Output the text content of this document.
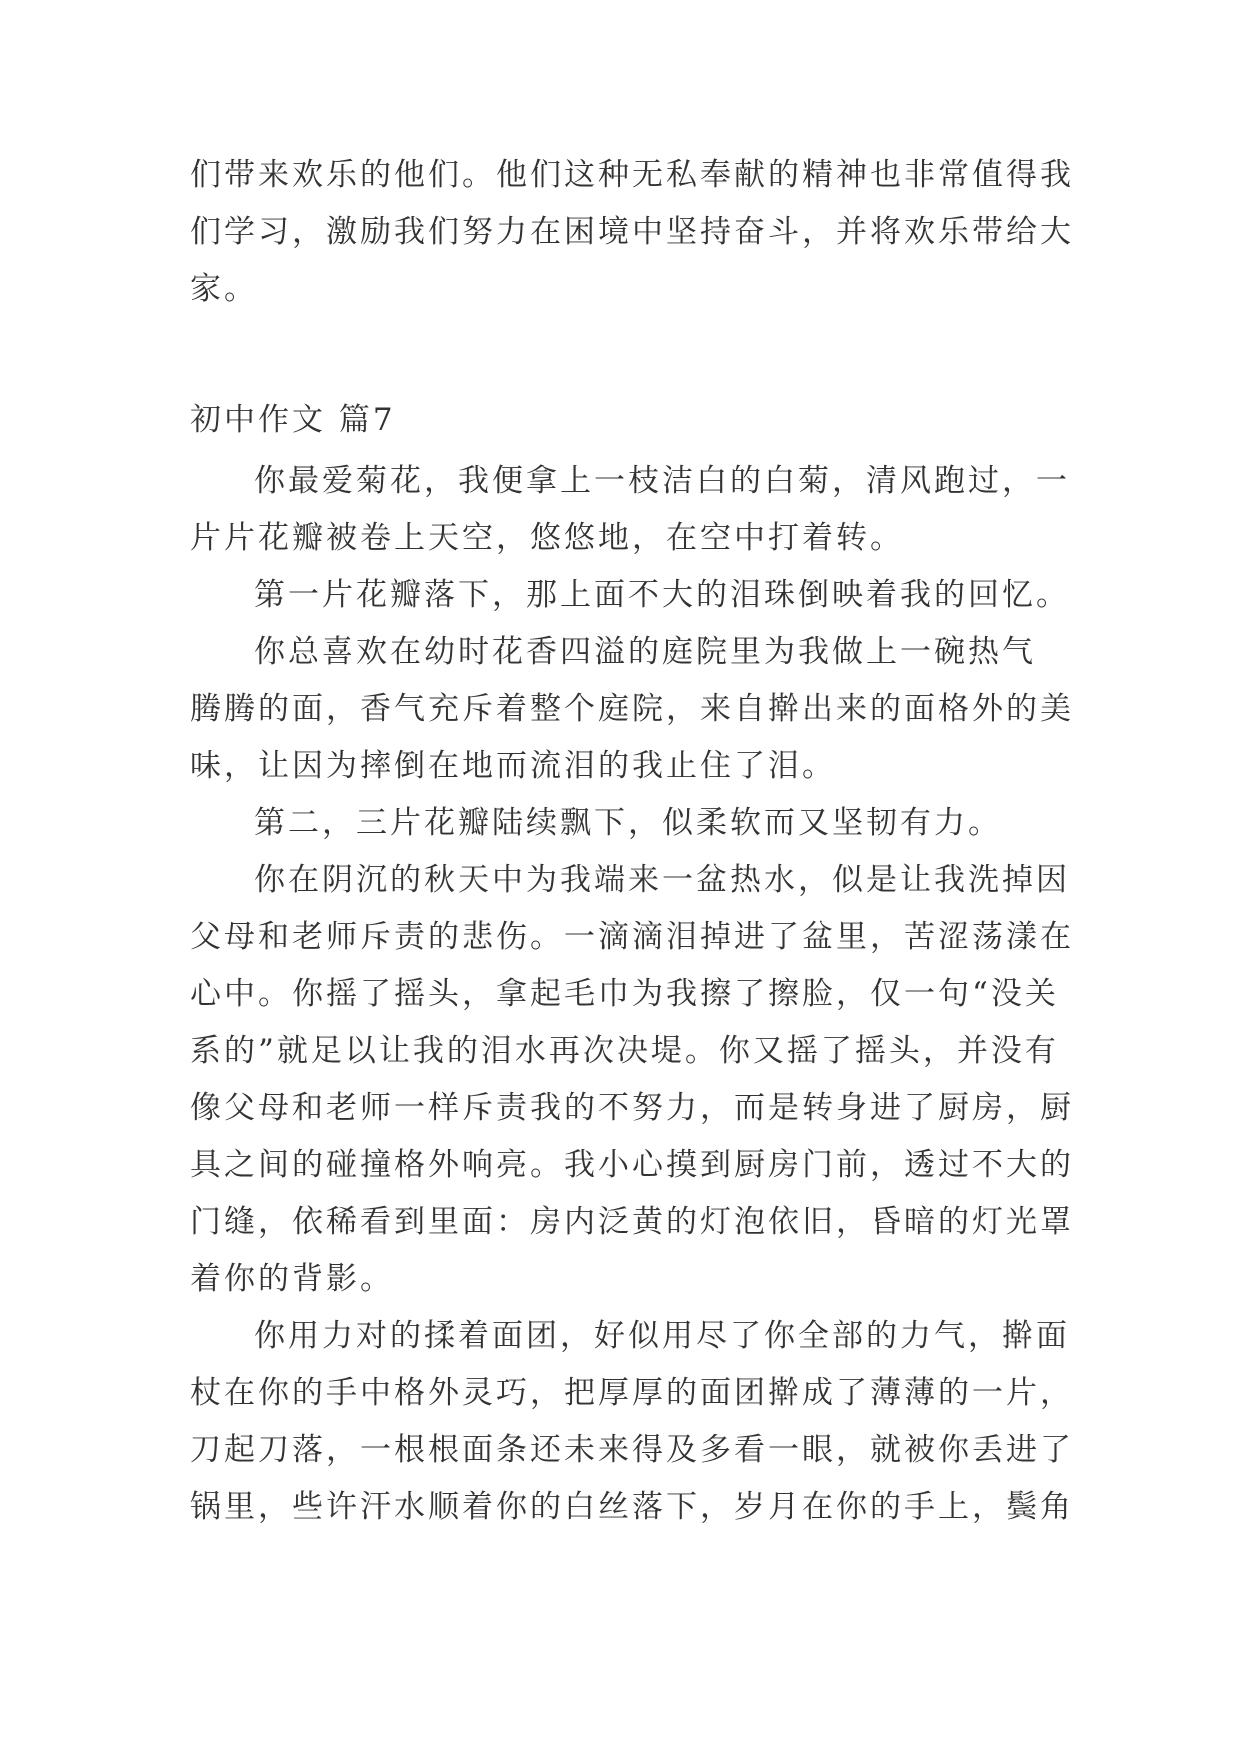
们带来欢乐的他们。他们这种无私奉献的精神也非常值得我
们学习，激励我们努力在困境中坚持奋斗，并将欢乐带给大
家。
初中作文 篇7
你最爱菊花，我便拿上一枝洁白的白菊，清风跑过，一
片片花瓣被卷上天空，悠悠地，在空中打着转。
第一片花瓣落下，那上面不大的泪珠倒映着我的回忆。
你总喜欢在幼时花香四溢的庭院里为我做上一碗热气
腾腾的面，香气充斥着整个庭院，来自擀出来的面格外的美
味，让因为摔倒在地而流泪的我止住了泪。
第二，三片花瓣陆续飘下，似柔软而又坚韧有力。
你在阴沉的秋天中为我端来一盆热水，似是让我洗掉因
父母和老师斥责的悲伤。一滴滴泪掉进了盆里，苦涩荡漾在
心中。你摇了摇头，拿起毛巾为我擦了擦脸，仅一句“没关
系的”就足以让我的泪水再次决堤。你又摇了摇头，并没有
像父母和老师一样斥责我的不努力，而是转身进了厨房，厨
具之间的碰撞格外响亮。我小心摸到厨房门前，透过不大的
门缝，依稀看到里面：房内泛黄的灯泡依旧，昏暗的灯光罩
着你的背影。
你用力对的揉着面团，好似用尽了你全部的力气，擀面
杖在你的手中格外灵巧，把厚厚的面团擀成了薄薄的一片，
刀起刀落，一根根面条还未来得及多看一眼，就被你丢进了
锅里，些许汗水顺着你的白丝落下，岁月在你的手上，鬓角
